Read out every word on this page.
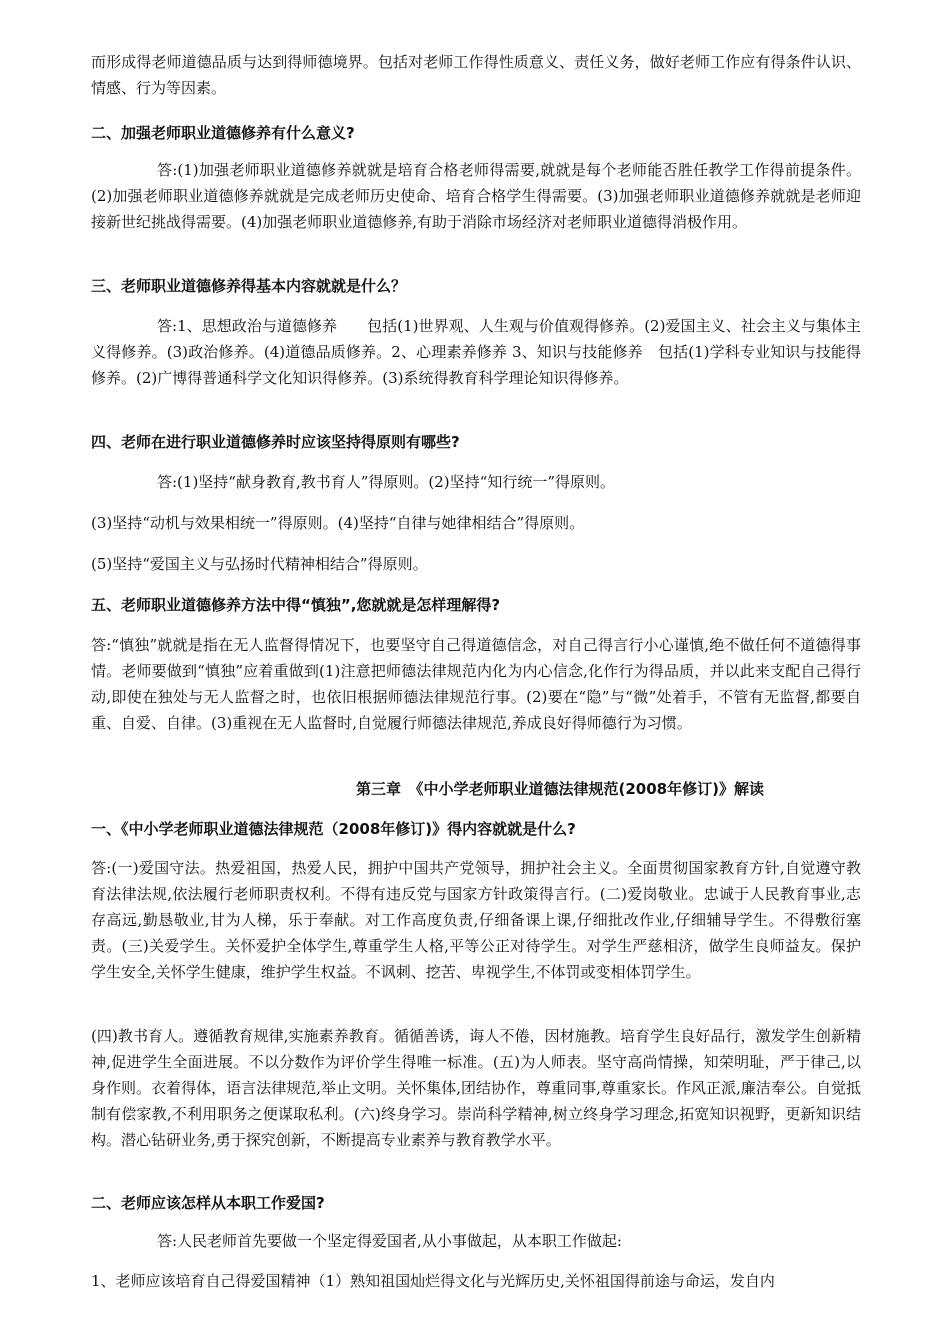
而形成得老师道德品质与达到得师德境界。包括对老师工作得性质意义、责任义务，做好老师工作应有得条件认识、情感、行为等因素。

二、加强老师职业道德修养有什么意义?

答:(1)加强老师职业道德修养就就是培育合格老师得需要,就就是每个老师能否胜任教学工作得前提条件。(2)加强老师职业道德修养就就是完成老师历史使命、培育合格学生得需要。(3)加强老师职业道德修养就就是老师迎接新世纪挑战得需要。(4)加强老师职业道德修养,有助于消除市场经济对老师职业道德得消极作用。

三、老师职业道德修养得基本内容就就是什么？

答:1、思想政治与道德修养　　包括(1)世界观、人生观与价值观得修养。(2)爱国主义、社会主义与集体主义得修养。(3)政治修养。(4)道德品质修养。2、心理素养修养 3、知识与技能修养　包括(1)学科专业知识与技能得修养。(2)广博得普通科学文化知识得修养。(3)系统得教育科学理论知识得修养。

四、老师在进行职业道德修养时应该坚持得原则有哪些?

答:(1)坚持“献身教育,教书育人”得原则。(2)坚持“知行统一”得原则。

(3)坚持“动机与效果相统一”得原则。(4)坚持“自律与她律相结合”得原则。

(5)坚持“爱国主义与弘扬时代精神相结合”得原则。

五、老师职业道德修养方法中得“慎独”,您就就是怎样理解得?

答:“慎独”就就是指在无人监督得情况下，也要坚守自己得道德信念，对自己得言行小心谨慎,绝不做任何不道德得事情。老师要做到“慎独”应着重做到(1)注意把师德法律规范内化为内心信念,化作行为得品质，并以此来支配自己得行动,即使在独处与无人监督之时，也依旧根据师德法律规范行事。(2)要在“隐”与“微”处着手，不管有无监督,都要自重、自爱、自律。(3)重视在无人监督时,自觉履行师德法律规范,养成良好得师德行为习惯。

第三章　《中小学老师职业道德法律规范(2008年修订)》解读

一、《中小学老师职业道德法律规范（2008年修订)》得内容就就是什么?

答:(一)爱国守法。热爱祖国，热爱人民，拥护中国共产党领导，拥护社会主义。全面贯彻国家教育方针,自觉遵守教育法律法规,依法履行老师职责权利。不得有违反党与国家方针政策得言行。(二)爱岗敬业。忠诚于人民教育事业,志存高远,勤恳敬业,甘为人梯，乐于奉献。对工作高度负责,仔细备课上课,仔细批改作业,仔细辅导学生。不得敷衍塞责。(三)关爱学生。关怀爱护全体学生,尊重学生人格,平等公正对待学生。对学生严慈相济，做学生良师益友。保护学生安全,关怀学生健康，维护学生权益。不讽刺、挖苦、卑视学生,不体罚或变相体罚学生。

(四)教书育人。遵循教育规律,实施素养教育。循循善诱，诲人不倦，因材施教。培育学生良好品行，激发学生创新精神,促进学生全面进展。不以分数作为评价学生得唯一标准。(五)为人师表。坚守高尚情操，知荣明耻，严于律己,以身作则。衣着得体，语言法律规范,举止文明。关怀集体,团结协作，尊重同事,尊重家长。作风正派,廉洁奉公。自觉抵制有偿家教,不利用职务之便谋取私利。(六)终身学习。崇尚科学精神,树立终身学习理念,拓宽知识视野，更新知识结构。潜心钻研业务,勇于探究创新，不断提高专业素养与教育教学水平。

二、老师应该怎样从本职工作爱国?

答:人民老师首先要做一个坚定得爱国者,从小事做起，从本职工作做起:

1、老师应该培育自己得爱国精神（1）熟知祖国灿烂得文化与光辉历史,关怀祖国得前途与命运，发自内
